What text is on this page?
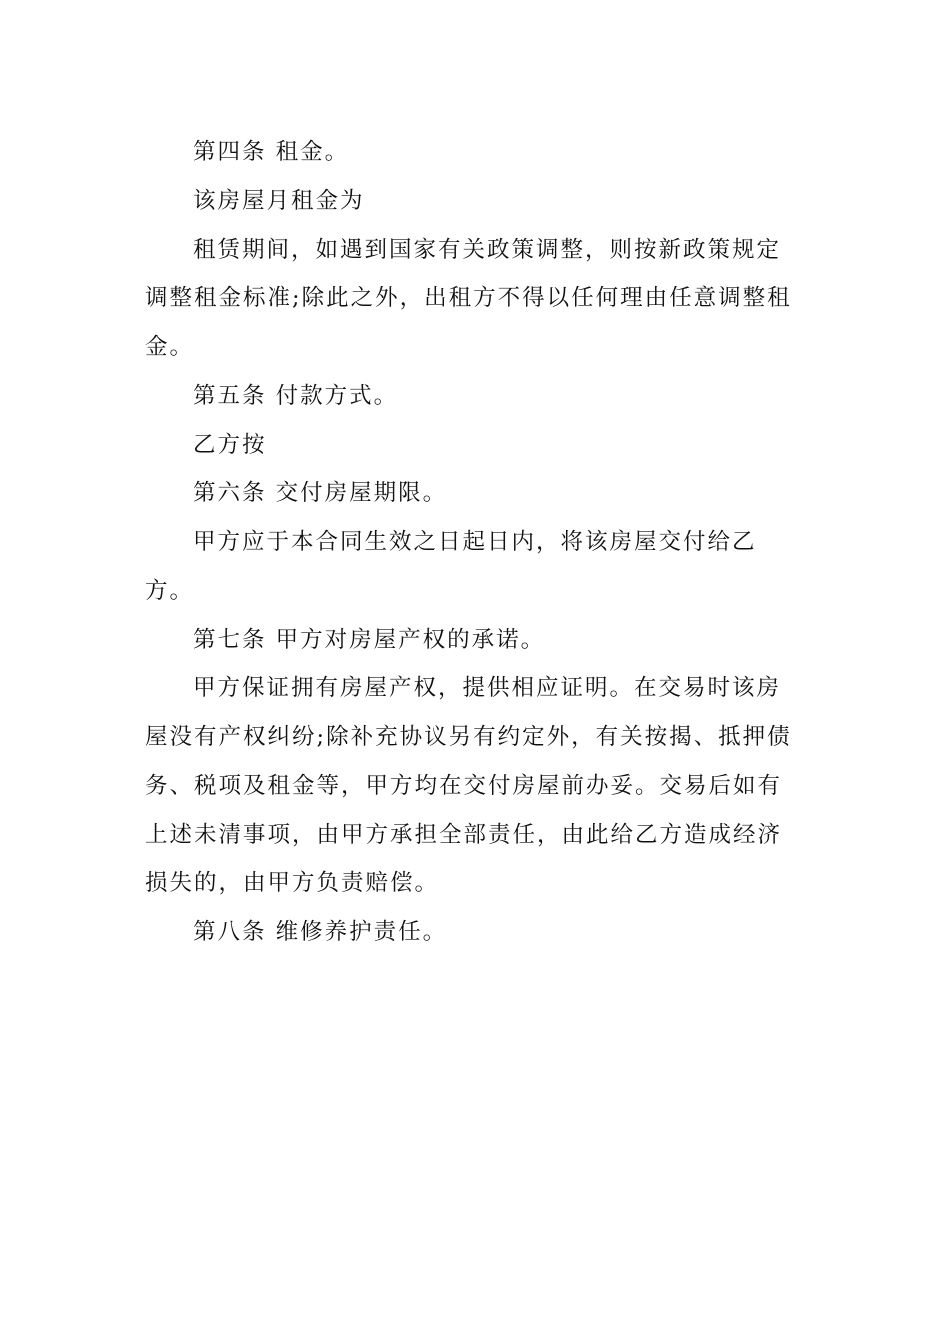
第四条 租金。

该房屋月租金为

租赁期间，如遇到国家有关政策调整，则按新政策规定调整租金标准;除此之外，出租方不得以任何理由任意调整租金。

第五条 付款方式。

乙方按

第六条 交付房屋期限。

甲方应于本合同生效之日起日内，将该房屋交付给乙方。

第七条 甲方对房屋产权的承诺。

甲方保证拥有房屋产权，提供相应证明。在交易时该房屋没有产权纠纷;除补充协议另有约定外，有关按揭、抵押债务、税项及租金等，甲方均在交付房屋前办妥。交易后如有上述未清事项，由甲方承担全部责任，由此给乙方造成经济损失的，由甲方负责赔偿。

第八条 维修养护责任。
